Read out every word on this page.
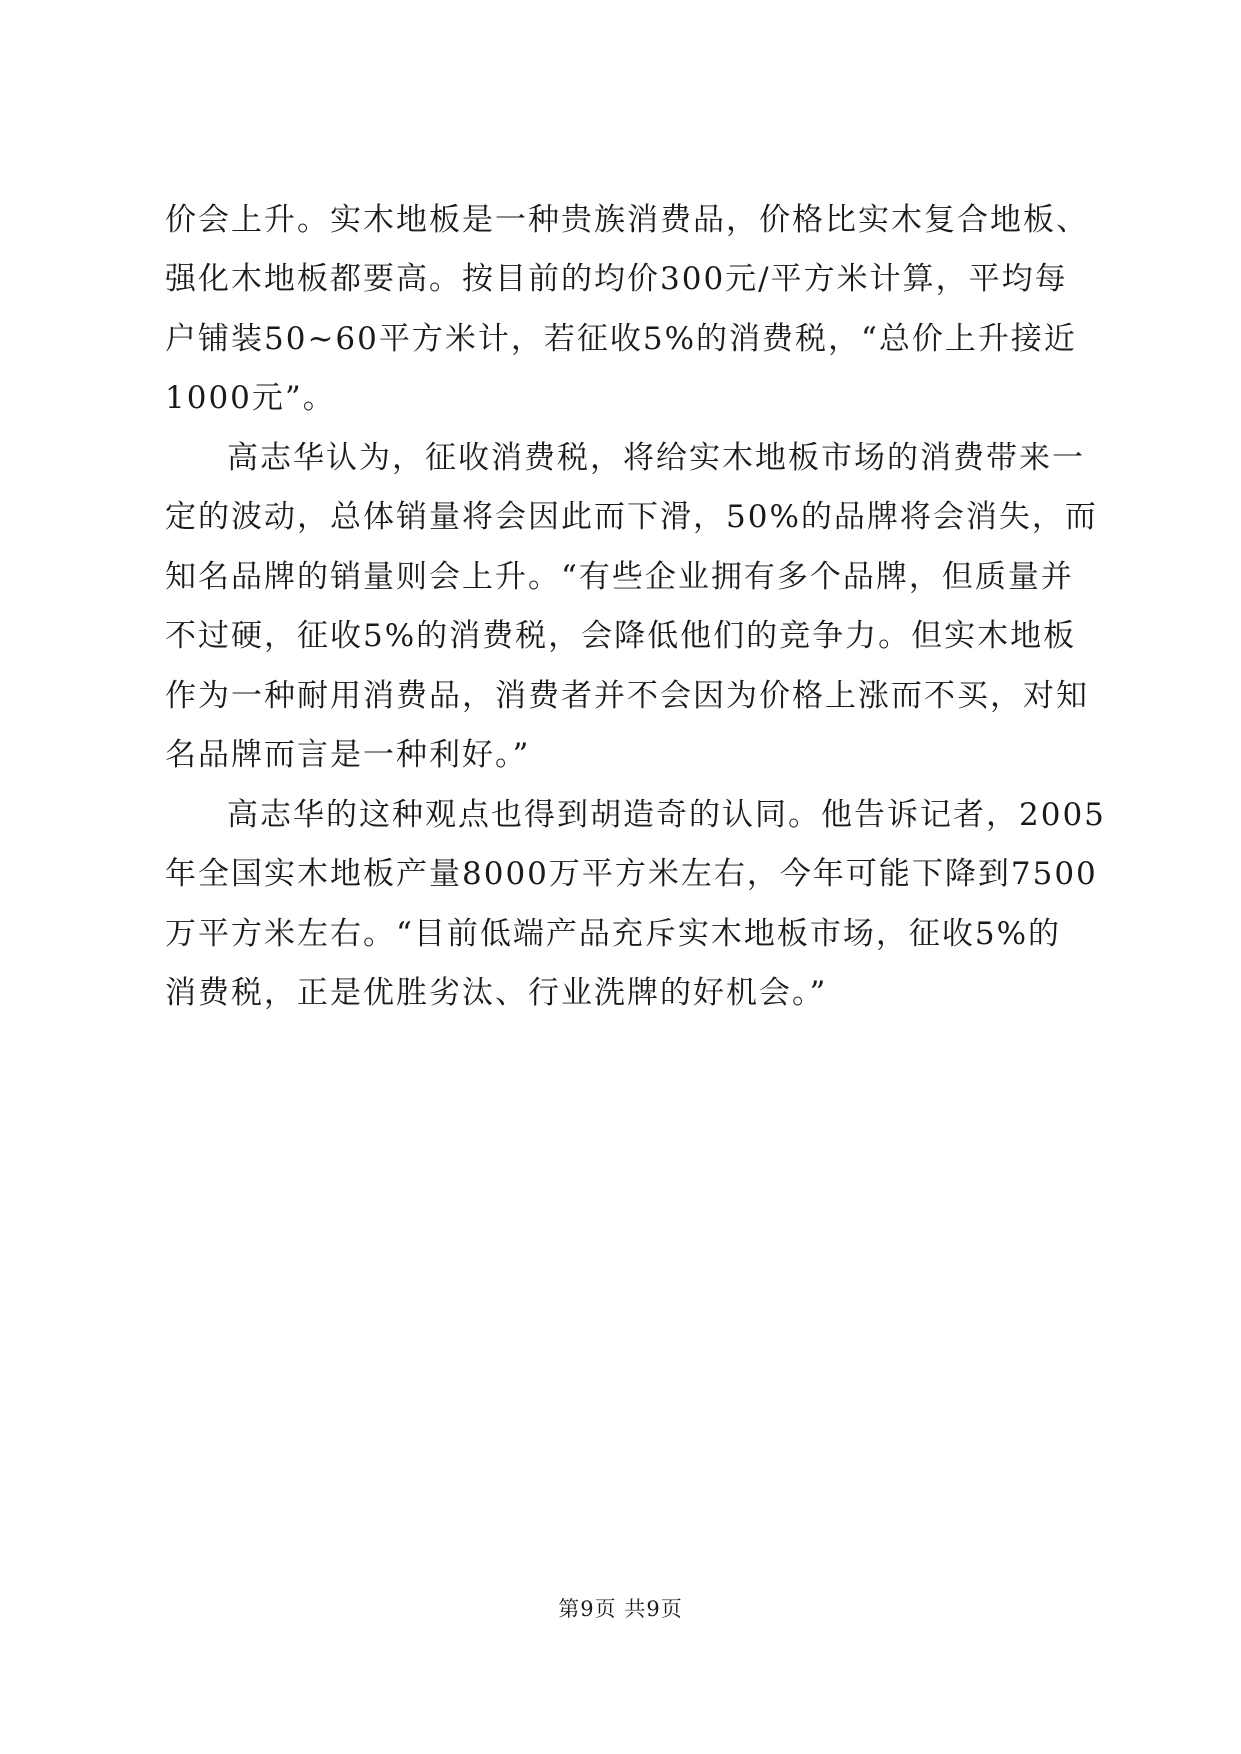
价会上升。实木地板是一种贵族消费品，价格比实木复合地板、
强化木地板都要高。按目前的均价300元/平方米计算，平均每
户铺装50~60平方米计，若征收5%的消费税，“总价上升接近
1000元”。
高志华认为，征收消费税，将给实木地板市场的消费带来一
定的波动，总体销量将会因此而下滑，50%的品牌将会消失，而
知名品牌的销量则会上升。“有些企业拥有多个品牌，但质量并
不过硬，征收5%的消费税，会降低他们的竞争力。但实木地板
作为一种耐用消费品，消费者并不会因为价格上涨而不买，对知
名品牌而言是一种利好。”
高志华的这种观点也得到胡造奇的认同。他告诉记者，2005
年全国实木地板产量8000万平方米左右，今年可能下降到7500
万平方米左右。“目前低端产品充斥实木地板市场，征收5%的
消费税，正是优胜劣汰、行业洗牌的好机会。”
第9页 共9页
